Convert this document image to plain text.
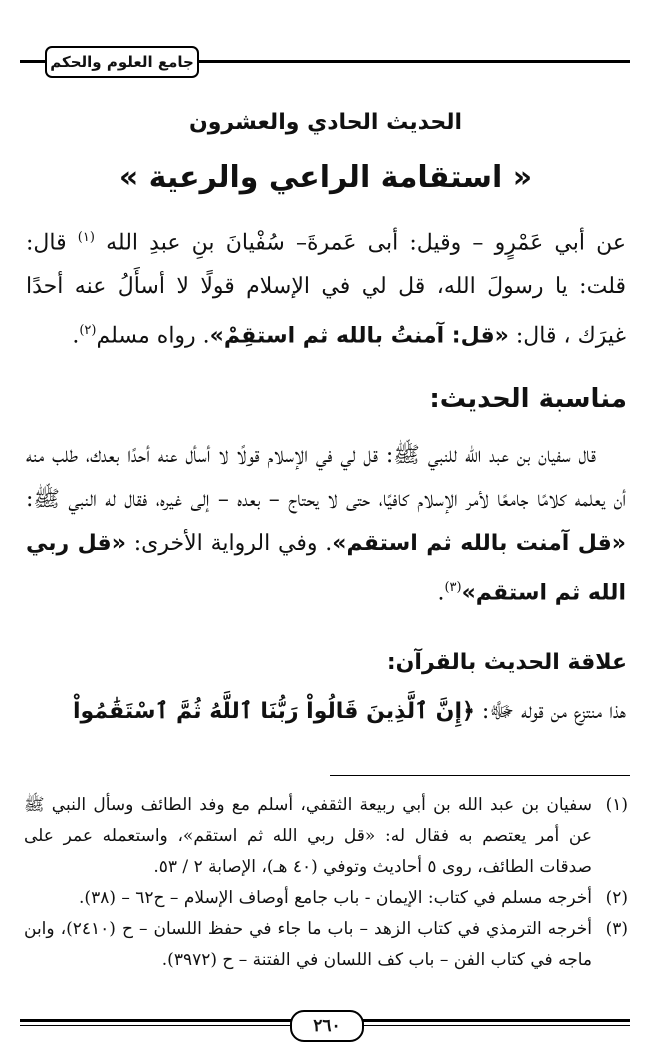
جامع العلوم والحكم
الحديث الحادي والعشرون
« استقامة الراعي والرعية »

عن أبي عَمْرٍو – وقيل: أبى عَمرةَ– سُفْيانَ بنِ عبدِ الله $^{(١)}$ قال: قلت: يا رسولَ الله، قل لي في الإسلام قولًا لا أسأَلُ عنه أحدًا غيرَك ، قال: «قل: آمنتُ بالله ثم استقِمْ». رواه مسلم$^{(٢)}$.

مناسبة الحديث:

قال سفيان بن عبد الله للنبي ﷺ: قل لي في الإسلام قولًا لا أسأل عنه أحدًا بعدك، طلب منه أن يعلمه كلامًا جامعًا لأمر الإسلام كافيًا، حتى لا يحتاج – بعده – إلى غيره، فقال له النبي ﷺ: «قل آمنت بالله ثم استقم». وفي الرواية الأخرى: «قل ربي الله ثم استقم»$^{(٣)}$.

علاقة الحديث بالقرآن:

هذا منتزع من قوله ﷻ: ﴿إِنَّ ٱلَّذِينَ قَالُواْ رَبُّنَا ٱللَّهُ ثُمَّ ٱسْتَقَٰمُواْ

(١)
سفيان بن عبد الله بن أبي ربيعة الثقفي، أسلم مع وفد الطائف وسأل النبي ﷺ عن أمر يعتصم به فقال له: «قل ربي الله ثم استقم»، واستعمله عمر على صدقات الطائف، روى ٥ أحاديث وتوفي (٤٠ هـ)، الإصابة ٢ / ٥٣.
(٢)
أخرجه مسلم في كتاب: الإيمان - باب جامع أوصاف الإسلام – ح٦٢ – (٣٨).
(٣)
أخرجه الترمذي في كتاب الزهد – باب ما جاء في حفظ اللسان – ح (٢٤١٠)، وابن ماجه في كتاب الفن – باب كف اللسان في الفتنة – ح (٣٩٧٢).
٢٦٠
